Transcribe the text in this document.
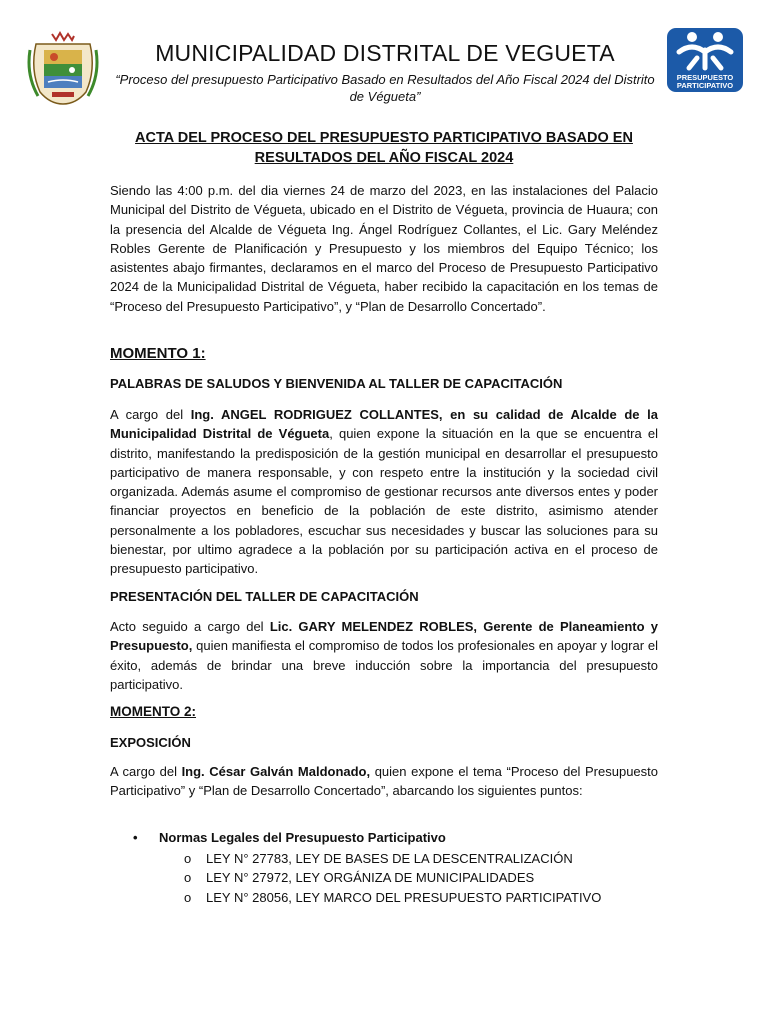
MUNICIPALIDAD DISTRITAL DE VEGUETA
“Proceso del presupuesto Participativo Basado en Resultados del Año Fiscal 2024 del Distrito de Végueta”
PRESUPUESTO
PARTICIPATIVO
ACTA DEL PROCESO DEL PRESUPUESTO PARTICIPATIVO BASADO EN
RESULTADOS DEL AÑO FISCAL 2024
Siendo las 4:00 p.m. del dia viernes 24 de marzo del 2023, en las instalaciones del Palacio Municipal del Distrito de Végueta, ubicado en el Distrito de Végueta, provincia de Huaura; con la presencia del Alcalde de Végueta Ing. Ángel Rodríguez Collantes, el Lic. Gary Meléndez Robles Gerente de Planificación y Presupuesto y los miembros del Equipo Técnico; los asistentes abajo firmantes, declaramos en el marco del Proceso de Presupuesto Participativo 2024 de la Municipalidad Distrital de Végueta, haber recibido la capacitación en los temas de “Proceso del Presupuesto Participativo”, y “Plan de Desarrollo Concertado”.
MOMENTO 1:
PALABRAS DE SALUDOS Y BIENVENIDA AL TALLER DE CAPACITACIÓN
A cargo del Ing. ANGEL RODRIGUEZ COLLANTES, en su calidad de Alcalde de la Municipalidad Distrital de Végueta, quien expone la situación en la que se encuentra el distrito, manifestando la predisposición de la gestión municipal en desarrollar el presupuesto participativo de manera responsable, y con respeto entre la institución y la sociedad civil organizada. Además asume el compromiso de gestionar recursos ante diversos entes y poder financiar proyectos en beneficio de la población de este distrito, asimismo atender personalmente a los pobladores, escuchar sus necesidades y buscar las soluciones para su bienestar, por ultimo agradece a la población por su participación activa en el proceso de presupuesto participativo.
PRESENTACIÓN DEL TALLER DE CAPACITACIÓN
Acto seguido a cargo del Lic. GARY MELENDEZ ROBLES, Gerente de Planeamiento y Presupuesto, quien manifiesta el compromiso de todos los profesionales en apoyar y lograr el éxito, además de brindar una breve inducción sobre la importancia del presupuesto participativo.
MOMENTO 2:
EXPOSICIÓN
A cargo del Ing. César Galván Maldonado, quien expone el tema “Proceso del Presupuesto Participativo” y “Plan de Desarrollo Concertado”, abarcando los siguientes puntos:
• Normas Legales del Presupuesto Participativo
o LEY N° 27783, LEY DE BASES DE LA DESCENTRALIZACIÓN
o LEY N° 27972, LEY ORGÁNIZA DE MUNICIPALIDADES
o LEY N° 28056, LEY MARCO DEL PRESUPUESTO PARTICIPATIVO
